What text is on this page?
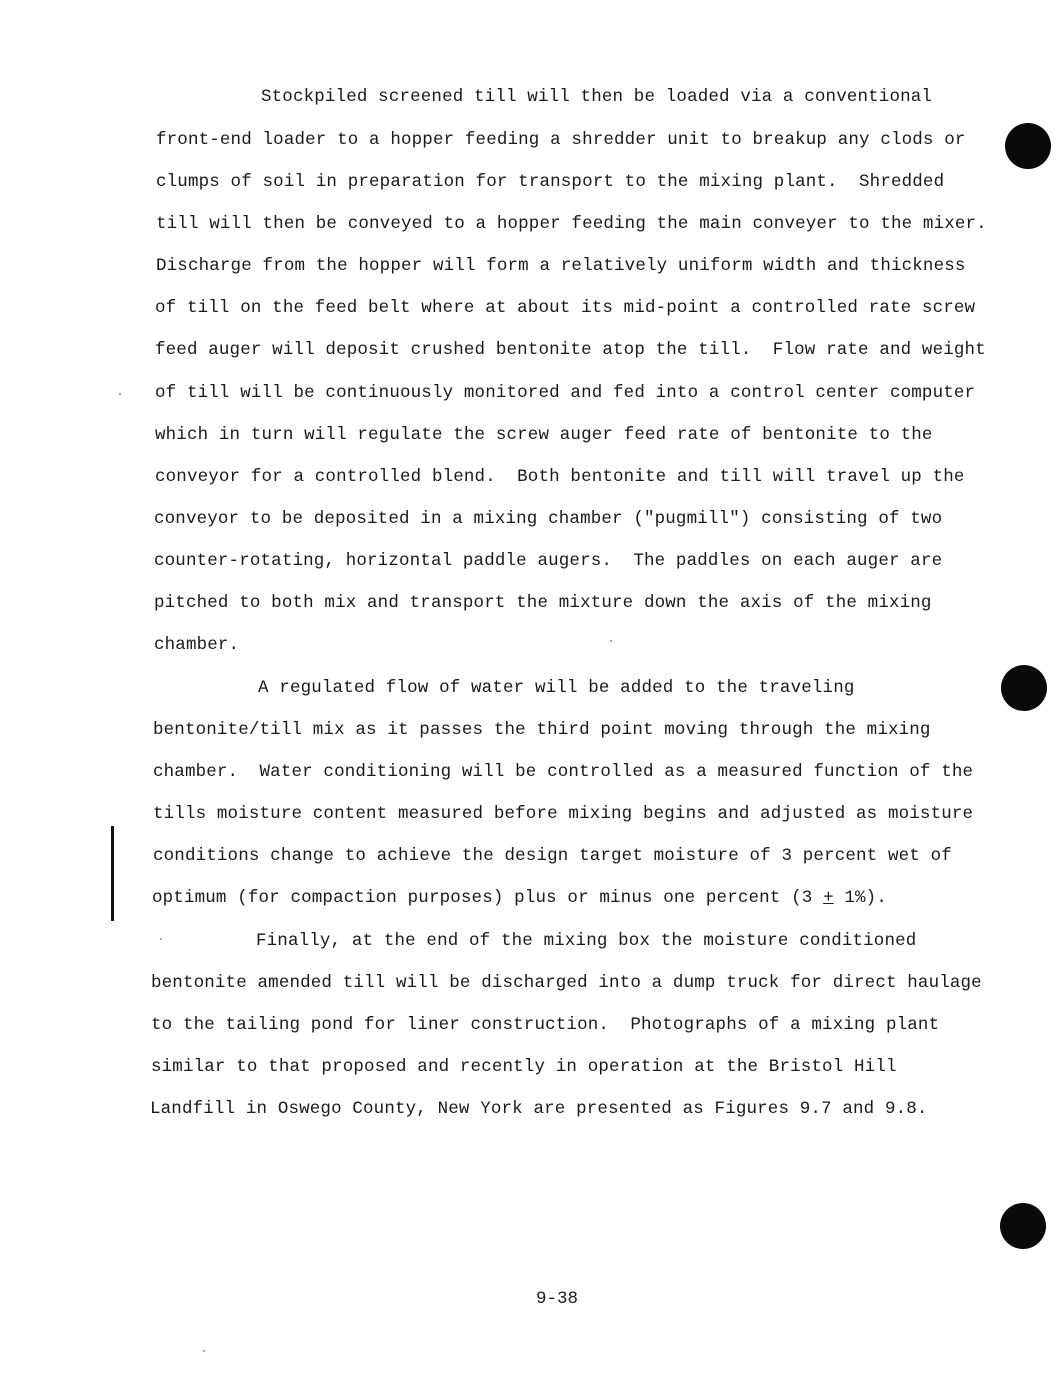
Stockpiled screened till will then be loaded via a conventional
front-end loader to a hopper feeding a shredder unit to breakup any clods or
clumps of soil in preparation for transport to the mixing plant.  Shredded
till will then be conveyed to a hopper feeding the main conveyer to the mixer.
Discharge from the hopper will form a relatively uniform width and thickness
of till on the feed belt where at about its mid-point a controlled rate screw
feed auger will deposit crushed bentonite atop the till.  Flow rate and weight
of till will be continuously monitored and fed into a control center computer
which in turn will regulate the screw auger feed rate of bentonite to the
conveyor for a controlled blend.  Both bentonite and till will travel up the
conveyor to be deposited in a mixing chamber ("pugmill") consisting of two
counter-rotating, horizontal paddle augers.  The paddles on each auger are
pitched to both mix and transport the mixture down the axis of the mixing
chamber.
A regulated flow of water will be added to the traveling
bentonite/till mix as it passes the third point moving through the mixing
chamber.  Water conditioning will be controlled as a measured function of the
tills moisture content measured before mixing begins and adjusted as moisture
conditions change to achieve the design target moisture of 3 percent wet of
optimum (for compaction purposes) plus or minus one percent (3 + 1%).
Finally, at the end of the mixing box the moisture conditioned
bentonite amended till will be discharged into a dump truck for direct haulage
to the tailing pond for liner construction.  Photographs of a mixing plant
similar to that proposed and recently in operation at the Bristol Hill
Landfill in Oswego County, New York are presented as Figures 9.7 and 9.8.
9-38
